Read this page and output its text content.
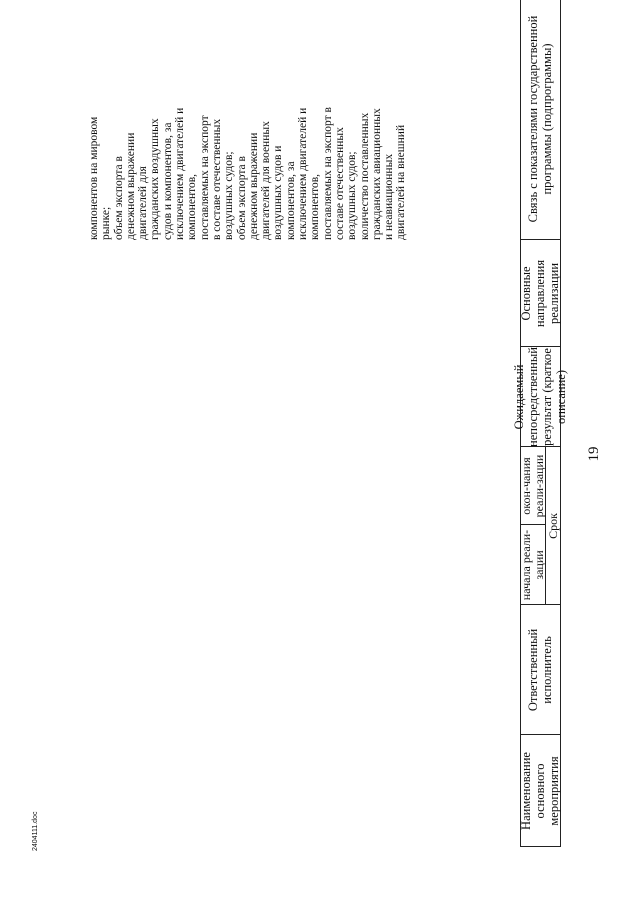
19
Наименование основного мероприятия
Ответственный исполнитель
Срок
начала реали-зации
окон-чания реали-зации
Ожидаемый непосредственный результат (краткое описание)
Основные направления реализации
Связь с показателями государственной программы (подпрограммы)
компонентов на мировом рынке; объем экспорта в денежном выражении двигателей для гражданских воздушных судов и компонентов, за исключением двигателей и компонентов, поставляемых на экспорт в составе отечественных воздушных судов; объем экспорта в денежном выражении двигателей для военных воздушных судов и компонентов, за исключением двигателей и компонентов, поставляемых на экспорт в составе отечественных воздушных судов; количество поставленных гражданских авиационных и неавиационных двигателей на внешний
2404111.doc
